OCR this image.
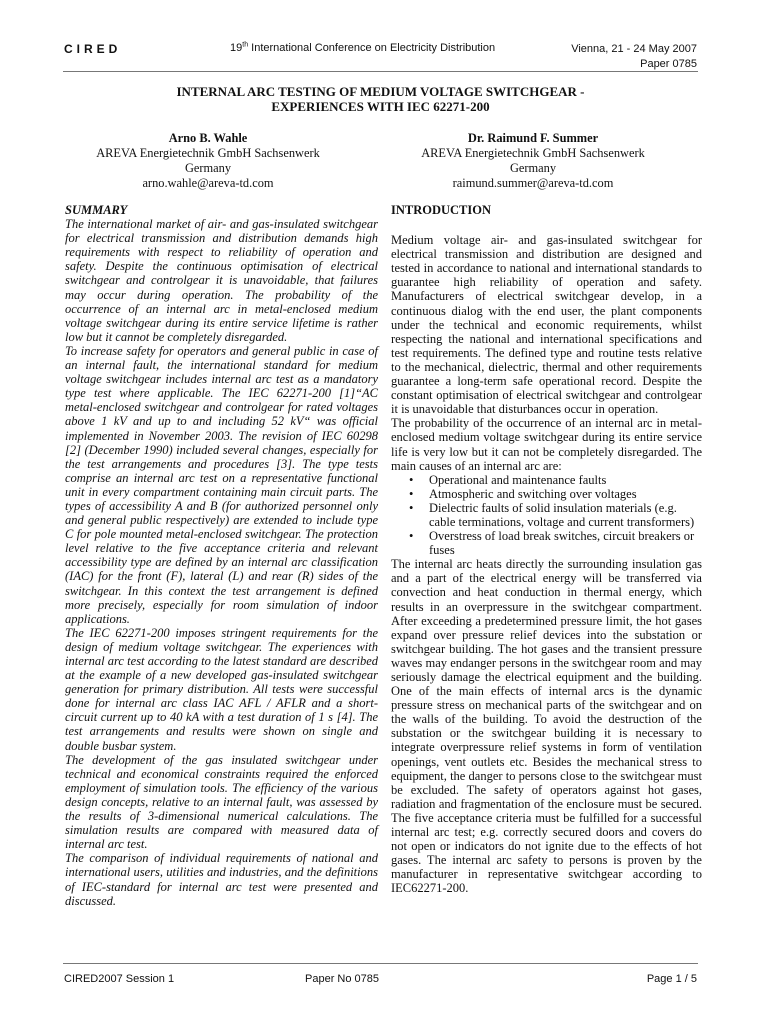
CIRED	19th International Conference on Electricity Distribution	Vienna, 21 - 24 May 2007
Paper 0785
INTERNAL ARC TESTING OF MEDIUM VOLTAGE SWITCHGEAR -
EXPERIENCES WITH IEC 62271-200
Arno B. Wahle
AREVA Energietechnik GmbH Sachsenwerk
Germany
arno.wahle@areva-td.com
Dr. Raimund F. Summer
AREVA Energietechnik GmbH Sachsenwerk
Germany
raimund.summer@areva-td.com

SUMMARY

The international market of air- and gas-insulated switchgear for electrical transmission and distribution demands high requirements with respect to reliability of operation and safety. Despite the continuous optimisation of electrical switchgear and controlgear it is unavoidable, that failures may occur during operation. The probability of the occurrence of an internal arc in metal-enclosed medium voltage switchgear during its entire service lifetime is rather low but it cannot be completely disregarded.

To increase safety for operators and general public in case of an internal fault, the international standard for medium voltage switchgear includes internal arc test as a mandatory type test where applicable. The IEC 62271-200 [1]“AC metal-enclosed switchgear and controlgear for rated voltages above 1 kV and up to and including 52 kV“ was official implemented in November 2003. The revision of IEC 60298 [2] (December 1990) included several changes, especially for the test arrangements and procedures [3]. The type tests comprise an internal arc test on a representative functional unit in every compartment containing main circuit parts. The types of accessibility A and B (for authorized personnel only and general public respectively) are extended to include type C for pole mounted metal-enclosed switchgear. The protection level relative to the five acceptance criteria and relevant accessibility type are defined by an internal arc classification (IAC) for the front (F), lateral (L) and rear (R) sides of the switchgear. In this context the test arrangement is defined more precisely, especially for room simulation of indoor applications.

The IEC 62271-200 imposes stringent requirements for the design of medium voltage switchgear. The experiences with internal arc test according to the latest standard are described at the example of a new developed gas-insulated switchgear generation for primary distribution. All tests were successful done for internal arc class IAC AFL / AFLR and a short-circuit current up to 40 kA with a test duration of 1 s [4]. The test arrangements and results were shown on single and double busbar system.

The development of the gas insulated switchgear under technical and economical constraints required the enforced employment of simulation tools. The efficiency of the various design concepts, relative to an internal fault, was assessed by the results of 3-dimensional numerical calculations. The simulation results are compared with measured data of internal arc test.

The comparison of individual requirements of national and international users, utilities and industries, and the definitions of IEC-standard for internal arc test were presented and discussed.

INTRODUCTION

Medium voltage air- and gas-insulated switchgear for electrical transmission and distribution are designed and tested in accordance to national and international standards to guarantee high reliability of operation and safety. Manufacturers of electrical switchgear develop, in a continuous dialog with the end user, the plant components under the technical and economic requirements, whilst respecting the national and international specifications and test requirements. The defined type and routine tests relative to the mechanical, dielectric, thermal and other requirements guarantee a long-term safe operational record. Despite the constant optimisation of electrical switchgear and controlgear it is unavoidable that disturbances occur in operation.

The probability of the occurrence of an internal arc in metal-enclosed medium voltage switchgear during its entire service life is very low but it can not be completely disregarded. The main causes of an internal arc are:

• Operational and maintenance faults
• Atmospheric and switching over voltages
• Dielectric faults of solid insulation materials (e.g. cable terminations, voltage and current transformers)
• Overstress of load break switches, circuit breakers or fuses

The internal arc heats directly the surrounding insulation gas and a part of the electrical energy will be transferred via convection and heat conduction in thermal energy, which results in an overpressure in the switchgear compartment. After exceeding a predetermined pressure limit, the hot gases expand over pressure relief devices into the substation or switchgear building. The hot gases and the transient pressure waves may endanger persons in the switchgear room and may seriously damage the electrical equipment and the building. One of the main effects of internal arcs is the dynamic pressure stress on mechanical parts of the switchgear and on the walls of the building. To avoid the destruction of the substation or the switchgear building it is necessary to integrate overpressure relief systems in form of ventilation openings, vent outlets etc. Besides the mechanical stress to equipment, the danger to persons close to the switchgear must be excluded. The safety of operators against hot gases, radiation and fragmentation of the enclosure must be secured. The five acceptance criteria must be fulfilled for a successful internal arc test; e.g. correctly secured doors and covers do not open or indicators do not ignite due to the effects of hot gases. The internal arc safety to persons is proven by the manufacturer in representative switchgear according to IEC62271-200.

CIRED2007 Session 1	Paper No 0785	Page 1 / 5
